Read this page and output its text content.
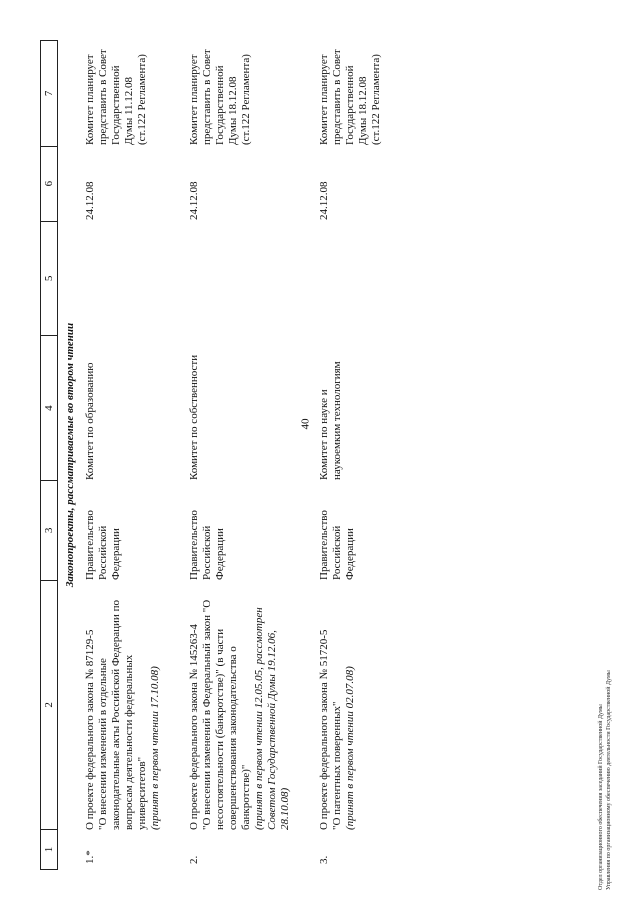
40
1
2
3
4
5
6
7
Законопроекты, рассматриваемые во втором чтении
1.*
О проекте федерального закона № 87129-5 "О внесении изменений в отдельные законодательные акты Российской Федерации по вопросам деятельности федеральных университетов" (принят в первом чтении 17.10.08)
Правительство Российской Федерации
Комитет по образованию
24.12.08
Комитет планирует представить в Совет Государственной Думы 11.12.08 (ст.122 Регламента)
2.
О проекте федерального закона № 145263-4 "О внесении изменений в Федеральный закон "О несостоятельности (банкротстве)" (в части совершенствования законодательства о банкротстве)" (принят в первом чтении 12.05.05, рассмотрен Советом Государственной Думы 19.12.06, 28.10.08)
Правительство Российской Федерации
Комитет по собственности
24.12.08
Комитет планирует представить в Совет Государственной Думы 18.12.08 (ст.122 Регламента)
3.
О проекте федерального закона № 51720-5 "О патентных поверенных" (принят в первом чтении 02.07.08)
Правительство Российской Федерации
Комитет по науке и наукоемким технологиям
24.12.08
Комитет планирует представить в Совет Государственной Думы 18.12.08 (ст.122 Регламента)
Отдел организационного обеспечения заседаний Государственной Думы Управления по организационному обеспечению деятельности Государственной Думы
